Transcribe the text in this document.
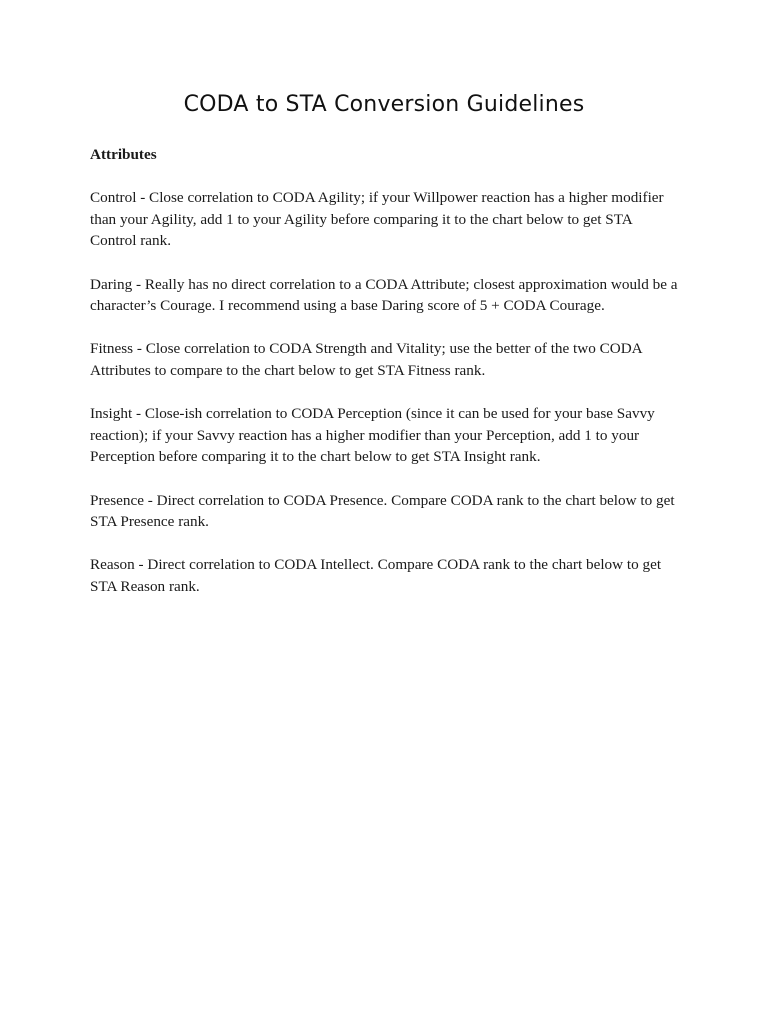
CODA to STA Conversion Guidelines

Attributes

Control - Close correlation to CODA Agility; if your Willpower reaction has a higher modifier than your Agility, add 1 to your Agility before comparing it to the chart below to get STA Control rank.

Daring - Really has no direct correlation to a CODA Attribute; closest approximation would be a character’s Courage. I recommend using a base Daring score of 5 + CODA Courage.

Fitness - Close correlation to CODA Strength and Vitality; use the better of the two CODA Attributes to compare to the chart below to get STA Fitness rank.

Insight - Close-ish correlation to CODA Perception (since it can be used for your base Savvy reaction); if your Savvy reaction has a higher modifier than your Perception, add 1 to your Perception before comparing it to the chart below to get STA Insight rank.

Presence - Direct correlation to CODA Presence. Compare CODA rank to the chart below to get STA Presence rank.

Reason - Direct correlation to CODA Intellect. Compare CODA rank to the chart below to get STA Reason rank.
